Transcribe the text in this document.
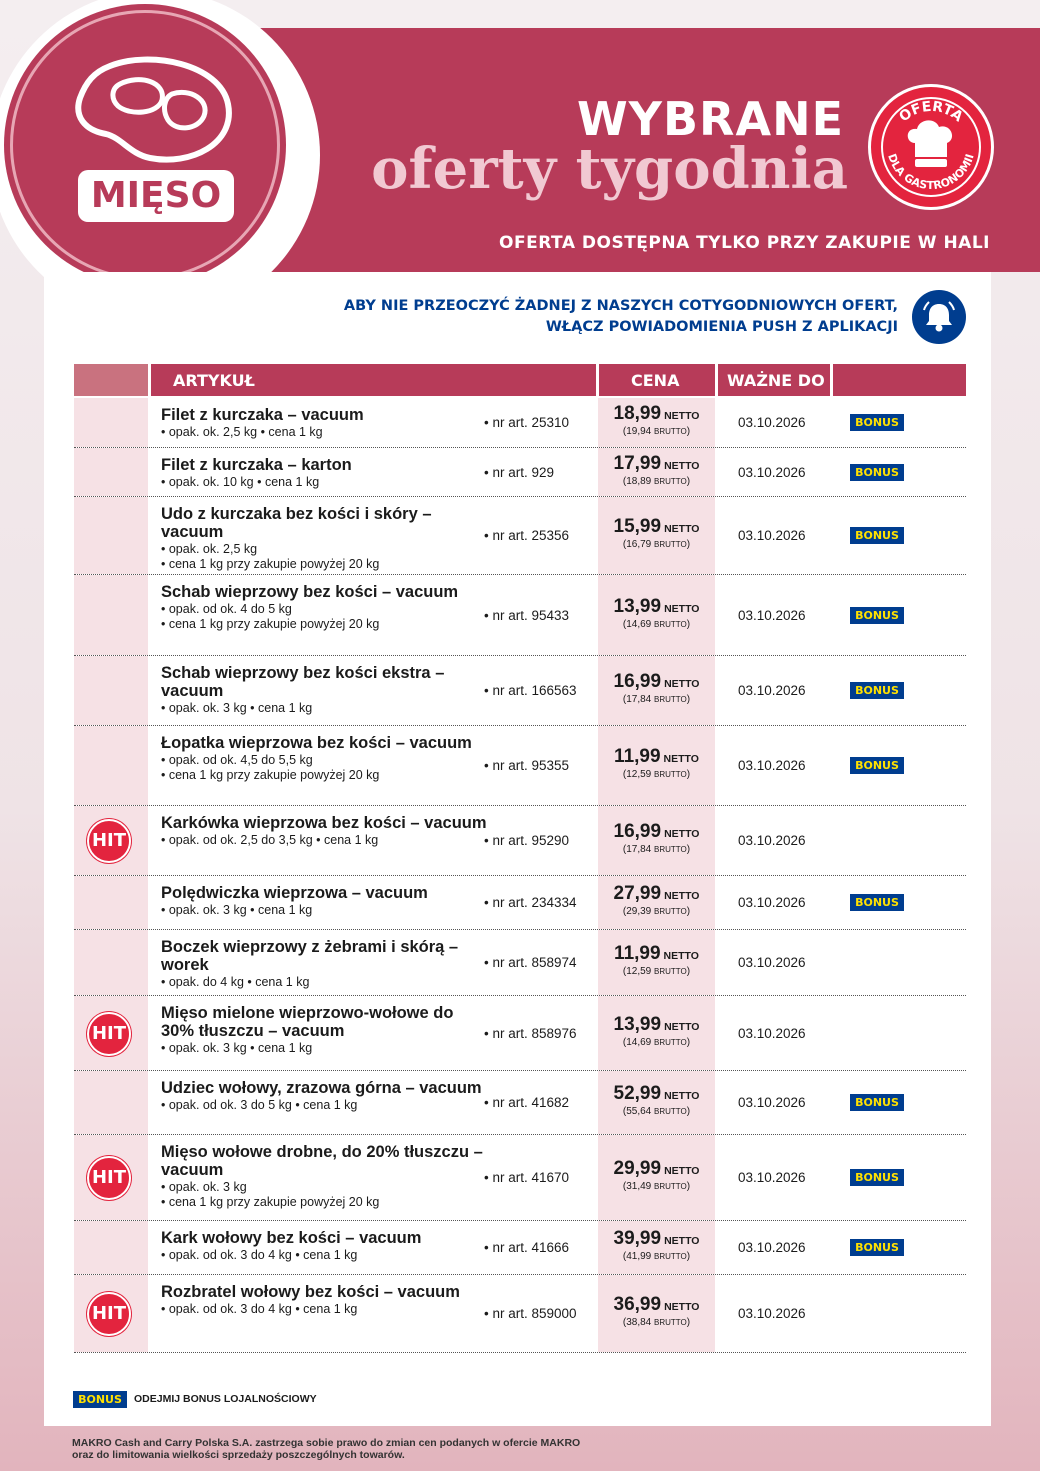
WYBRANE
oferty tygodnia
OFERTA DOSTĘPNA TYLKO PRZY ZAKUPIE W HALI
OFERTA
DLA GASTRONOMII
MIĘSO
ABY NIE PRZEOCZYĆ ŻADNEJ Z NASZYCH COTYGODNIOWYCH OFERT,
WŁĄCZ POWIADOMIENIA PUSH Z APLIKACJI
ARTYKUŁ	CENA	WAŻNE DO
Filet z kurczaka – vacuum
• opak. ok. 2,5 kg • cena 1 kg
• nr art. 25310	18,99 NETTO
(19,94 BRUTTO)
03.10.2026	BONUS
Filet z kurczaka – karton
• opak. ok. 10 kg • cena 1 kg
• nr art. 929	17,99 NETTO
(18,89 BRUTTO)
03.10.2026	BONUS
Udo z kurczaka bez kości i skóry – vacuum
• opak. ok. 2,5 kg
• cena 1 kg przy zakupie powyżej 20 kg
• nr art. 25356	15,99 NETTO
(16,79 BRUTTO)
03.10.2026	BONUS
Schab wieprzowy bez kości – vacuum
• opak. od ok. 4 do 5 kg
• cena 1 kg przy zakupie powyżej 20 kg
• nr art. 95433	13,99 NETTO
(14,69 BRUTTO)
03.10.2026	BONUS
Schab wieprzowy bez kości ekstra – vacuum
• opak. ok. 3 kg • cena 1 kg
• nr art. 166563	16,99 NETTO
(17,84 BRUTTO)
03.10.2026	BONUS
Łopatka wieprzowa bez kości – vacuum
• opak. od ok. 4,5 do 5,5 kg
• cena 1 kg przy zakupie powyżej 20 kg
• nr art. 95355	11,99 NETTO
(12,59 BRUTTO)
03.10.2026	BONUS
HIT
Karkówka wieprzowa bez kości – vacuum
• opak. od ok. 2,5 do 3,5 kg • cena 1 kg	• nr art. 95290	16,99 NETTO
(17,84 BRUTTO)
03.10.2026
Polędwiczka wieprzowa – vacuum
• opak. ok. 3 kg • cena 1 kg	• nr art. 234334	27,99 NETTO
(29,39 BRUTTO)
03.10.2026	BONUS
Boczek wieprzowy z żebrami i skórą – worek
• opak. do 4 kg • cena 1 kg
• nr art. 858974	11,99 NETTO
(12,59 BRUTTO)
03.10.2026
HIT
Mięso mielone wieprzowo-wołowe do 30% tłuszczu – vacuum
• opak. ok. 3 kg • cena 1 kg
• nr art. 858976	13,99 NETTO
(14,69 BRUTTO)
03.10.2026
Udziec wołowy, zrazowa górna – vacuum
• opak. od ok. 3 do 5 kg • cena 1 kg	• nr art. 41682	52,99 NETTO
(55,64 BRUTTO)
03.10.2026	BONUS
HIT
Mięso wołowe drobne, do 20% tłuszczu – vacuum
• opak. ok. 3 kg
• cena 1 kg przy zakupie powyżej 20 kg
• nr art. 41670	29,99 NETTO
(31,49 BRUTTO)
03.10.2026	BONUS
Kark wołowy bez kości – vacuum
• opak. od ok. 3 do 4 kg • cena 1 kg	• nr art. 41666	39,99 NETTO
(41,99 BRUTTO)
03.10.2026	BONUS
HIT
Rozbratel wołowy bez kości – vacuum
• opak. od ok. 3 do 4 kg • cena 1 kg	• nr art. 859000	36,99 NETTO
(38,84 BRUTTO)
03.10.2026
BONUS	ODEJMIJ BONUS LOJALNOŚCIOWY
MAKRO Cash and Carry Polska S.A. zastrzega sobie prawo do zmian cen podanych w ofercie MAKRO
oraz do limitowania wielkości sprzedaży poszczególnych towarów.
